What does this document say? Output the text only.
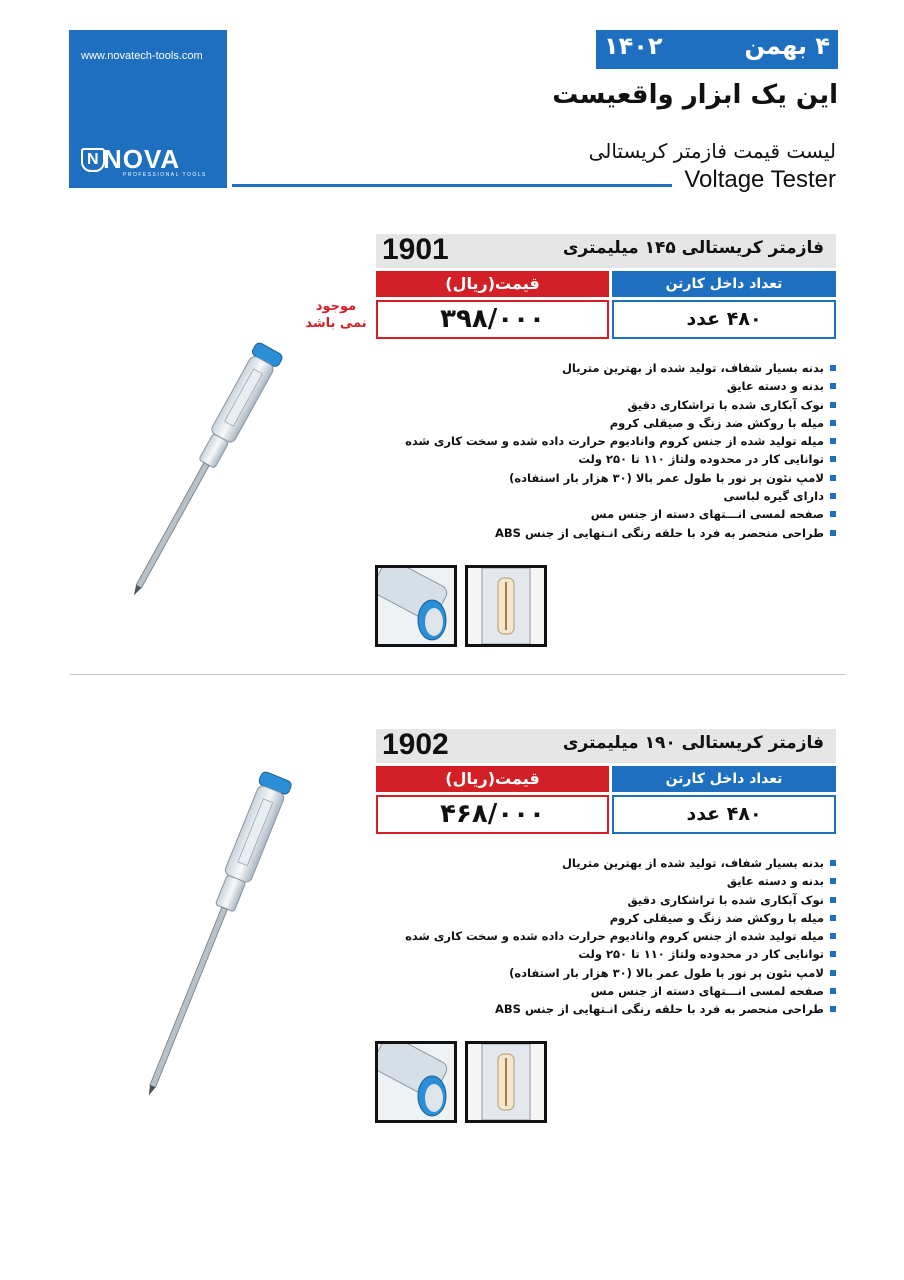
www.novatech-tools.com
N NOVA
PROFESSIONAL TOOLS
۴ بهمن
۱۴۰۲
این یک ابزار واقعیست
لیست قیمت فازمتر کریستالی
Voltage Tester
1901	فازمتر کریستالی ۱۴۵ میلیمتری
قیمت(ریال)	تعداد داخل کارتن
۳۹۸/۰۰۰	۴۸۰ عدد
موجود
نمی باشد
بدنه بسیار شفاف، تولید شده از بهترین متریال
بدنه و دسته عایق
نوک آبکاری شده با تراشکاری دقیق
میله با روکش ضد زنگ و صیقلی کروم
میله تولید شده از جنس کروم وانادیوم حرارت داده شده و سخت کاری شده
توانایی کار در محدوده ولتاژ ۱۱۰ تا ۲۵۰ ولت
لامپ نئون پر نور با طول عمر بالا (۳۰ هزار بار استفاده)
دارای گیره لباسی
صفحه لمسی انـــتهای دسته از جنس مس
طراحی منحصر به فرد با حلقه رنگی انـتهایی از جنس ABS
1902	فازمتر کریستالی ۱۹۰ میلیمتری
قیمت(ریال)	تعداد داخل کارتن
۴۶۸/۰۰۰	۴۸۰ عدد
بدنه بسیار شفاف، تولید شده از بهترین متریال
بدنه و دسته عایق
نوک آبکاری شده با تراشکاری دقیق
میله با روکش ضد زنگ و صیقلی کروم
میله تولید شده از جنس کروم وانادیوم حرارت داده شده و سخت کاری شده
توانایی کار در محدوده ولتاژ ۱۱۰ تا ۲۵۰ ولت
لامپ نئون پر نور با طول عمر بالا (۳۰ هزار بار استفاده)
صفحه لمسی انـــتهای دسته از جنس مس
طراحی منحصر به فرد با حلقه رنگی انـتهایی از جنس ABS
